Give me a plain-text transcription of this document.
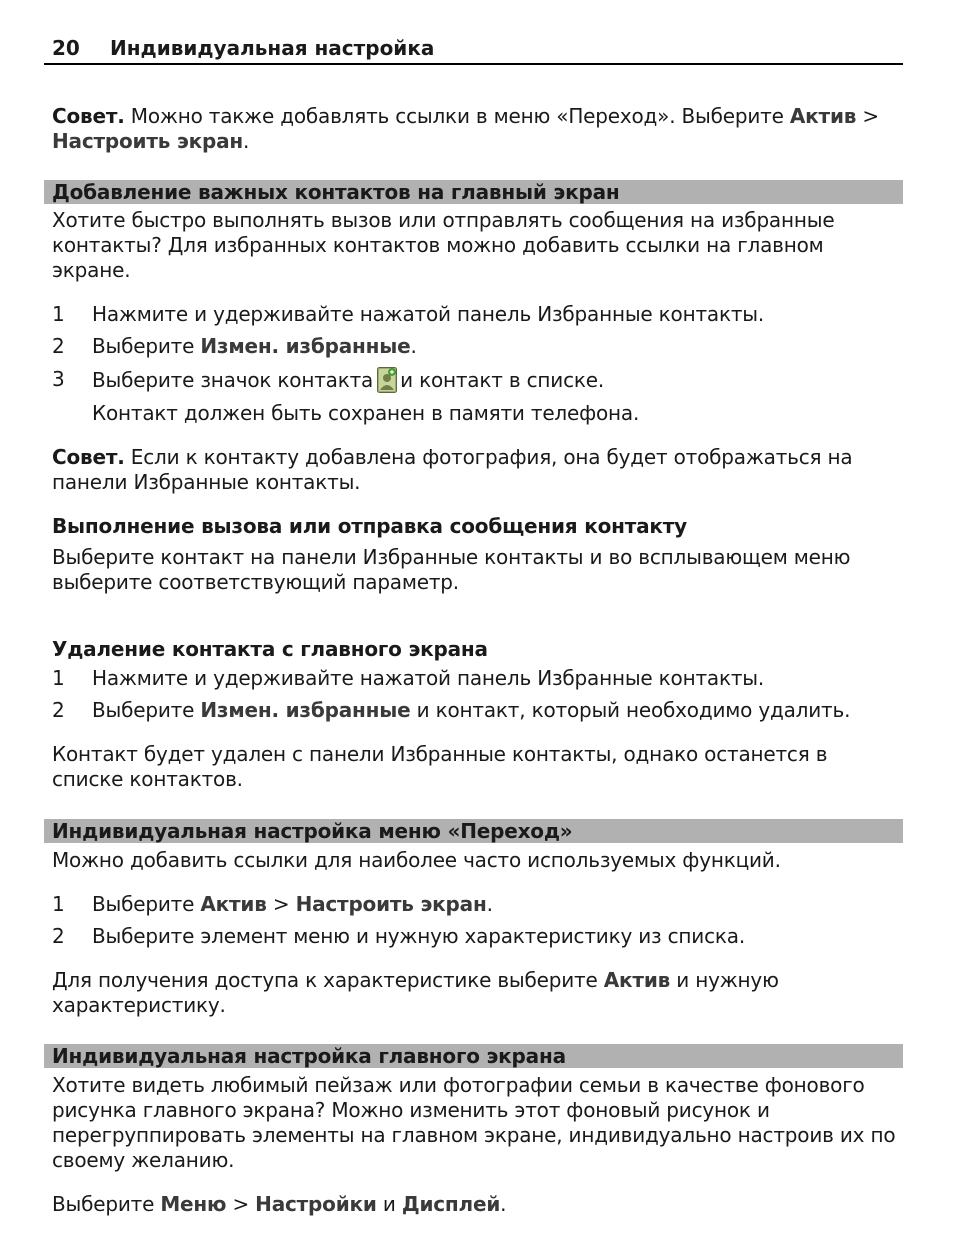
20	Индивидуальная настройка

Совет. Можно также добавлять ссылки в меню «Переход». Выберите Актив > Настроить экран.

Добавление важных контактов на главный экран

Хотите быстро выполнять вызов или отправлять сообщения на избранные контакты? Для избранных контактов можно добавить ссылки на главном экране.

1	Нажмите и удерживайте нажатой панель Избранные контакты.
2	Выберите Измен. избранные.
3	Выберите значок контакта и контакт в списке.
Контакт должен быть сохранен в памяти телефона.

Совет. Если к контакту добавлена фотография, она будет отображаться на панели Избранные контакты.

Выполнение вызова или отправка сообщения контакту

Выберите контакт на панели Избранные контакты и во всплывающем меню выберите соответствующий параметр.

Удаление контакта с главного экрана
1	Нажмите и удерживайте нажатой панель Избранные контакты.
2	Выберите Измен. избранные и контакт, который необходимо удалить.

Контакт будет удален с панели Избранные контакты, однако останется в списке контактов.

Индивидуальная настройка меню «Переход»

Можно добавить ссылки для наиболее часто используемых функций.

1	Выберите Актив > Настроить экран.
2	Выберите элемент меню и нужную характеристику из списка.

Для получения доступа к характеристике выберите Актив и нужную характеристику.

Индивидуальная настройка главного экрана

Хотите видеть любимый пейзаж или фотографии семьи в качестве фонового рисунка главного экрана? Можно изменить этот фоновый рисунок и перегруппировать элементы на главном экране, индивидуально настроив их по своему желанию.

Выберите Меню > Настройки и Дисплей.
